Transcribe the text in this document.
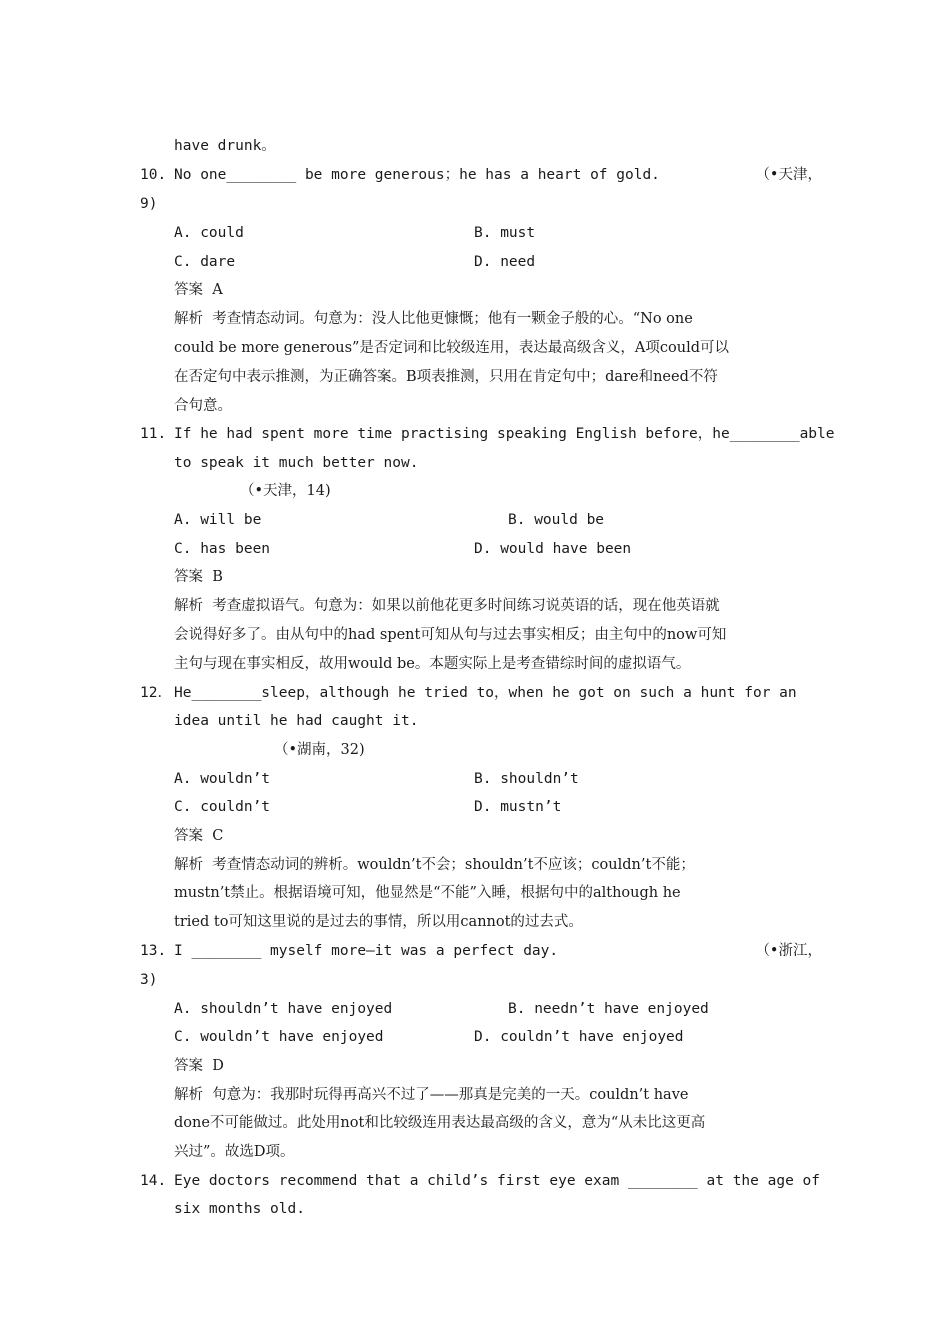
have drunk。
10. No one________ be more generous；he has a heart of gold.	（•天津，
9)
A. could	B. must
C. dare	D. need
答案  A
解析  考查情态动词。句意为：没人比他更慷慨；他有一颗金子般的心。“No one
could be more generous”是否定词和比较级连用，表达最高级含义，A项could可以
在否定句中表示推测，为正确答案。B项表推测，只用在肯定句中；dare和need不符
合句意。
11. If he had spent more time practising speaking English before，he________able
to speak it much better now.
（•天津，14)
A. will be	B. would be
C. has been	D. would have been
答案  B
解析  考查虚拟语气。句意为：如果以前他花更多时间练习说英语的话，现在他英语就
会说得好多了。由从句中的had spent可知从句与过去事实相反；由主句中的now可知
主句与现在事实相反，故用would be。本题实际上是考查错综时间的虚拟语气。
12． He________sleep，although he tried to，when he got on such a hunt for an
idea until he had caught it.
（•湖南，32)
A. wouldn’t	B. shouldn’t
C. couldn’t	D. mustn’t
答案  C
解析  考查情态动词的辨析。wouldn’t不会；shouldn’t不应该；couldn’t不能；
mustn’t禁止。根据语境可知，他显然是“不能”入睡，根据句中的although he
tried to可知这里说的是过去的事情，所以用cannot的过去式。
13. I ________ myself more—it was a perfect day.	（•浙江，
3)
A. shouldn’t have enjoyed	B. needn’t have enjoyed
C. wouldn’t have enjoyed	D. couldn’t have enjoyed
答案  D
解析  句意为：我那时玩得再高兴不过了——那真是完美的一天。couldn’t have
done不可能做过。此处用not和比较级连用表达最高级的含义，意为“从未比这更高
兴过”。故选D项。
14. Eye doctors recommend that a child’s first eye exam ________ at the age of
six months old.
